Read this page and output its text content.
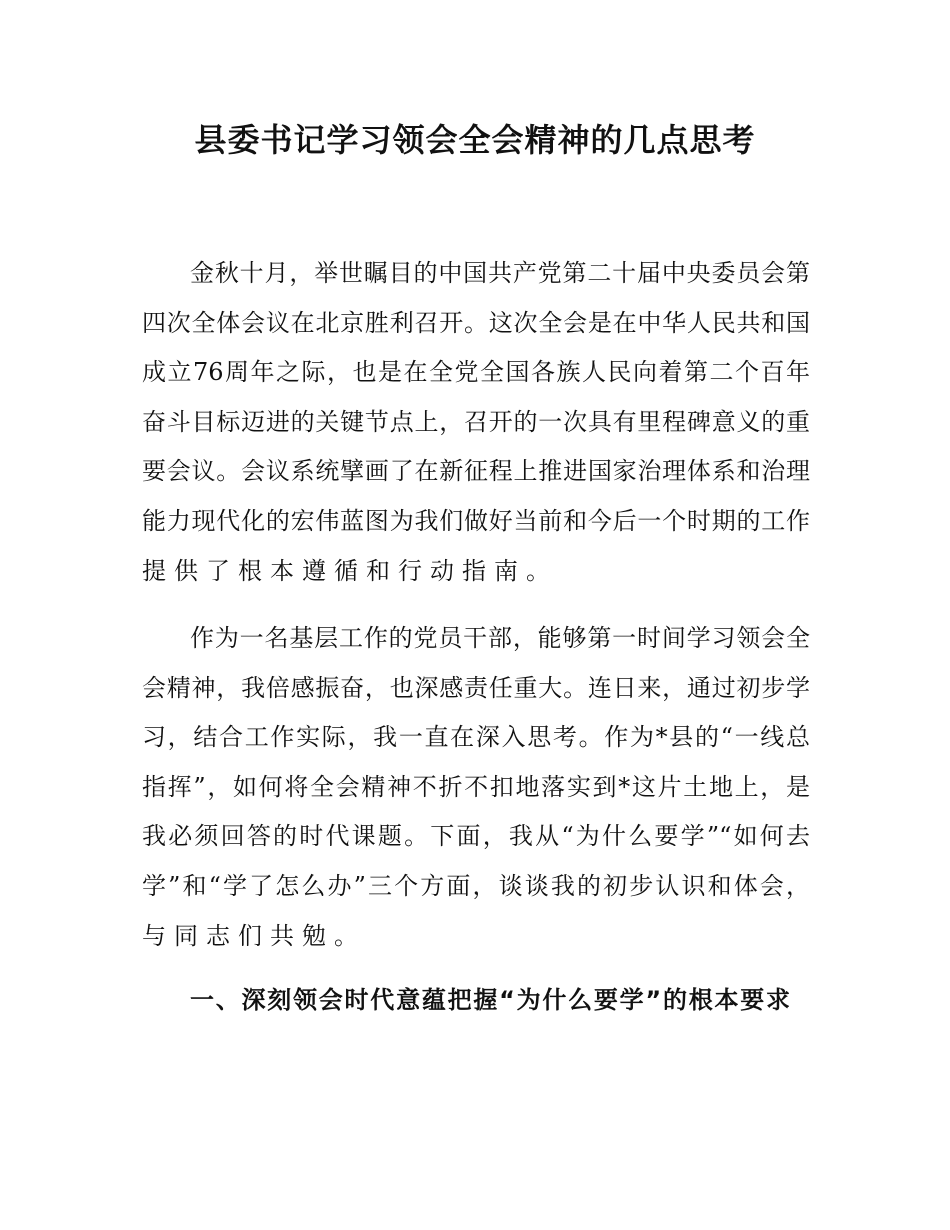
县委书记学习领会全会精神的几点思考
金秋十月，举世瞩目的中国共产党第二十届中央委员会第
四次全体会议在北京胜利召开。这次全会是在中华人民共和国
成立76周年之际，也是在全党全国各族人民向着第二个百年
奋斗目标迈进的关键节点上，召开的一次具有里程碑意义的重
要会议。会议系统擘画了在新征程上推进国家治理体系和治理
能力现代化的宏伟蓝图为我们做好当前和今后一个时期的工作
提供了根本遵循和行动指南。
作为一名基层工作的党员干部，能够第一时间学习领会全
会精神，我倍感振奋，也深感责任重大。连日来，通过初步学
习，结合工作实际，我一直在深入思考。作为*县的“一线总
指挥”，如何将全会精神不折不扣地落实到*这片土地上，是
我必须回答的时代课题。下面，我从“为什么要学”“如何去
学”和“学了怎么办”三个方面，谈谈我的初步认识和体会，
与同志们共勉。
一、深刻领会时代意蕴把握“为什么要学”的根本要求
